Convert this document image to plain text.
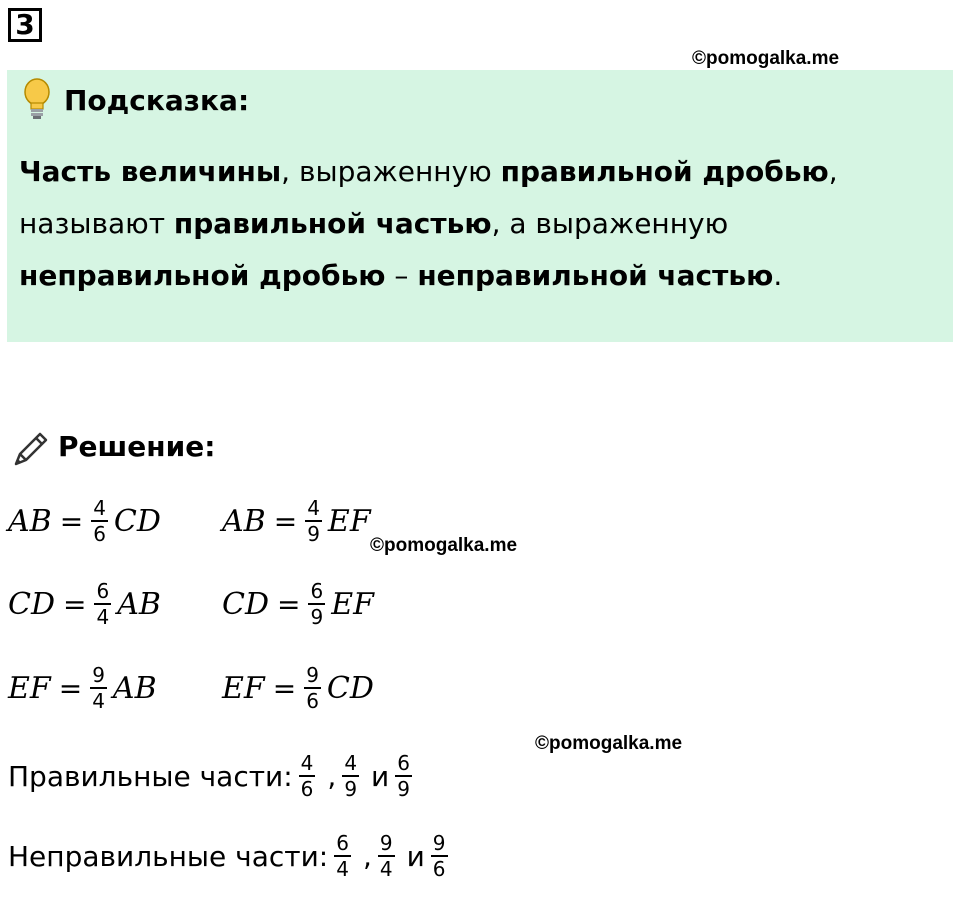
3
©pomogalka.me
Подсказка:
Часть величины, выраженную правильной дробью, называют правильной частью, а выраженную неправильной дробью – неправильной частью.
Решение:
AB = $\frac{4}{6}$ CD AB = $\frac{4}{9}$ EF
CD = $\frac{6}{4}$ AB CD = $\frac{6}{9}$ EF
EF = $\frac{9}{4}$ AB EF = $\frac{9}{6}$ CD
©pomogalka.me
©pomogalka.me
Правильные части: $\frac{4}{6}$ , $\frac{4}{9}$ и $\frac{6}{9}$
Неправильные части: $\frac{6}{4}$ , $\frac{9}{4}$ и $\frac{9}{6}$
